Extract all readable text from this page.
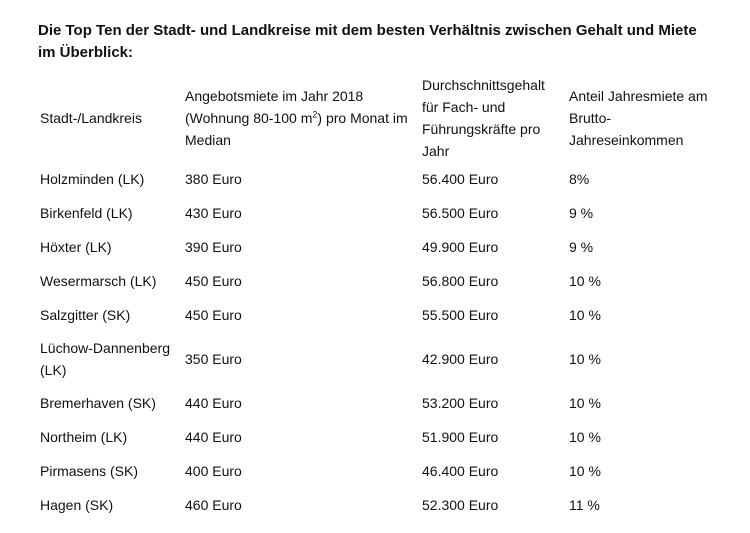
Die Top Ten der Stadt- und Landkreise mit dem besten Verhältnis zwischen Gehalt und Miete im Überblick:
Stadt-/Landkreis	Angebotsmiete im Jahr 2018 (Wohnung 80-100 $m^2$) pro Monat im Median	Durchschnittsgehalt für Fach- und Führungskräfte pro Jahr	Anteil Jahresmiete am Brutto-Jahreseinkommen
Holzminden (LK)	380 Euro	56.400 Euro	8%
Birkenfeld (LK)	430 Euro	56.500 Euro	9 %
Höxter (LK)	390 Euro	49.900 Euro	9 %
Wesermarsch (LK)	450 Euro	56.800 Euro	10 %
Salzgitter (SK)	450 Euro	55.500 Euro	10 %
Lüchow-Dannenberg (LK)	350 Euro	42.900 Euro	10 %
Bremerhaven (SK)	440 Euro	53.200 Euro	10 %
Northeim (LK)	440 Euro	51.900 Euro	10 %
Pirmasens (SK)	400 Euro	46.400 Euro	10 %
Hagen (SK)	460 Euro	52.300 Euro	11 %
